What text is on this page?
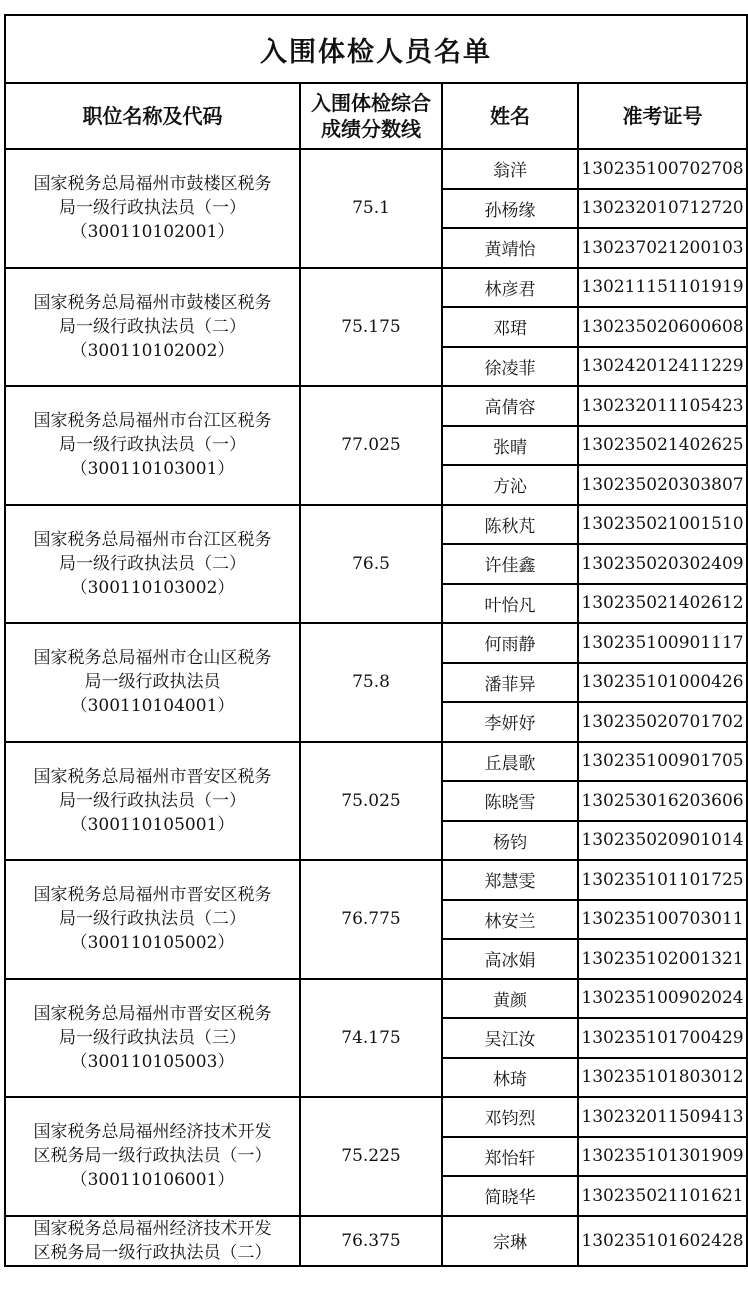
入围体检人员名单			
职位名称及代码	入围体检综合
成绩分数线	姓名	准考证号

国家税务总局福州市鼓楼区税务
局一级行政执法员（一）
（300110102001）	75.1	翁洋	130235100702708
		孙杨缘	130232010712720
		黄靖怡	130237021200103

国家税务总局福州市鼓楼区税务
局一级行政执法员（二）
（300110102002）	75.175	林彦君	130211151101919
		邓珺	130235020600608
		徐凌菲	130242012411229

国家税务总局福州市台江区税务
局一级行政执法员（一）
（300110103001）	77.025	高倩容	130232011105423
		张晴	130235021402625
		方沁	130235020303807

国家税务总局福州市台江区税务
局一级行政执法员（二）
（300110103002）	76.5	陈秋芃	130235021001510
		许佳鑫	130235020302409
		叶怡凡	130235021402612

国家税务总局福州市仓山区税务
局一级行政执法员
（300110104001）	75.8	何雨静	130235100901117
		潘菲异	130235101000426
		李妍妤	130235020701702

国家税务总局福州市晋安区税务
局一级行政执法员（一）
（300110105001）	75.025	丘晨歌	130235100901705
		陈晓雪	130253016203606
		杨钧	130235020901014

国家税务总局福州市晋安区税务
局一级行政执法员（二）
（300110105002）	76.775	郑慧雯	130235101101725
		林安兰	130235100703011
		高冰娟	130235102001321

国家税务总局福州市晋安区税务
局一级行政执法员（三）
（300110105003）	74.175	黄颜	130235100902024
		吴江汝	130235101700429
		林琦	130235101803012

国家税务总局福州经济技术开发
区税务局一级行政执法员（一）
（300110106001）	75.225	邓钧烈	130232011509413
		郑怡轩	130235101301909
		简晓华	130235021101621

国家税务总局福州经济技术开发
区税务局一级行政执法员（二）	76.375	宗琳	130235101602428
